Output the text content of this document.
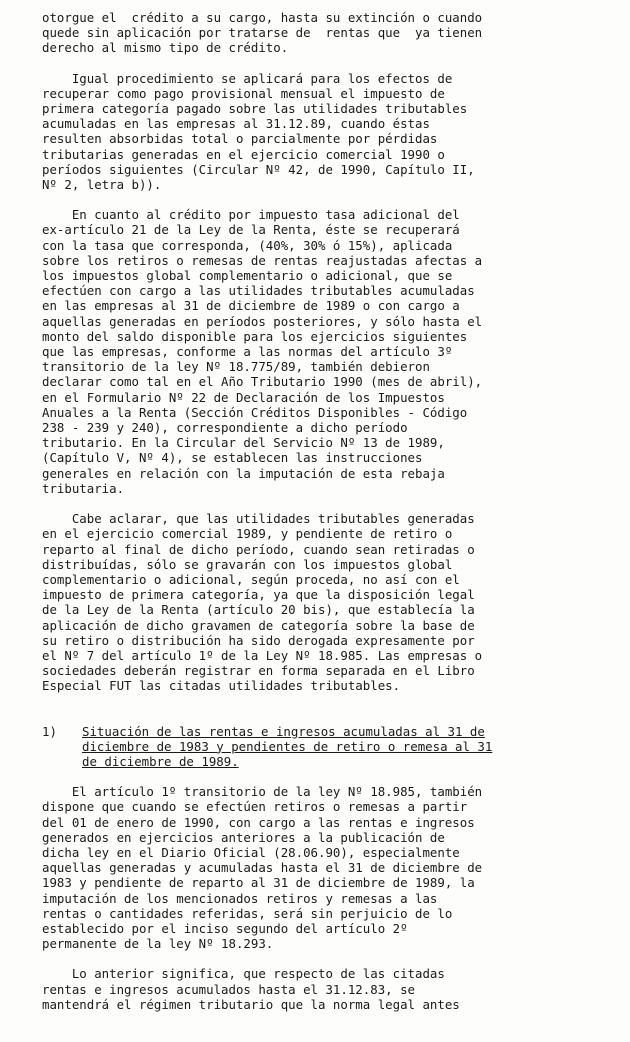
otorgue el  crédito a su cargo, hasta su extinción o cuando
quede sin aplicación por tratarse de  rentas que  ya tienen
derecho al mismo tipo de crédito.
Igual procedimiento se aplicará para los efectos de
recuperar como pago provisional mensual el impuesto de
primera categoría pagado sobre las utilidades tributables
acumuladas en las empresas al 31.12.89, cuando éstas
resulten absorbidas total o parcialmente por pérdidas
tributarias generadas en el ejercicio comercial 1990 o
períodos siguientes (Circular Nº 42, de 1990, Capítulo II,
Nº 2, letra b)).
En cuanto al crédito por impuesto tasa adicional del
ex-artículo 21 de la Ley de la Renta, éste se recuperará
con la tasa que corresponda, (40%, 30% ó 15%), aplicada
sobre los retiros o remesas de rentas reajustadas afectas a
los impuestos global complementario o adicional, que se
efectúen con cargo a las utilidades tributables acumuladas
en las empresas al 31 de diciembre de 1989 o con cargo a
aquellas generadas en períodos posteriores, y sólo hasta el
monto del saldo disponible para los ejercicios siguientes
que las empresas, conforme a las normas del artículo 3º
transitorio de la ley Nº 18.775/89, también debieron
declarar como tal en el Año Tributario 1990 (mes de abril),
en el Formulario Nº 22 de Declaración de los Impuestos
Anuales a la Renta (Sección Créditos Disponibles - Código
238 - 239 y 240), correspondiente a dicho período
tributario. En la Circular del Servicio Nº 13 de 1989,
(Capítulo V, Nº 4), se establecen las instrucciones
generales en relación con la imputación de esta rebaja
tributaria.
Cabe aclarar, que las utilidades tributables generadas
en el ejercicio comercial 1989, y pendiente de retiro o
reparto al final de dicho período, cuando sean retiradas o
distribuídas, sólo se gravarán con los impuestos global
complementario o adicional, según proceda, no así con el
impuesto de primera categoría, ya que la disposición legal
de la Ley de la Renta (artículo 20 bis), que establecía la
aplicación de dicho gravamen de categoría sobre la base de
su retiro o distribución ha sido derogada expresamente por
el Nº 7 del artículo 1º de la Ley Nº 18.985. Las empresas o
sociedades deberán registrar en forma separada en el Libro
Especial FUT las citadas utilidades tributables.
1)	Situación de las rentas e ingresos acumuladas al 31 de
diciembre de 1983 y pendientes de retiro o remesa al 31
de diciembre de 1989.
El artículo 1º transitorio de la ley Nº 18.985, también
dispone que cuando se efectúen retiros o remesas a partir
del 01 de enero de 1990, con cargo a las rentas e ingresos
generados en ejercicios anteriores a la publicación de
dicha ley en el Diario Oficial (28.06.90), especialmente
aquellas generadas y acumuladas hasta el 31 de diciembre de
1983 y pendiente de reparto al 31 de diciembre de 1989, la
imputación de los mencionados retiros y remesas a las
rentas o cantidades referidas, será sin perjuicio de lo
establecido por el inciso segundo del artículo 2º
permanente de la ley Nº 18.293.
Lo anterior significa, que respecto de las citadas
rentas e ingresos acumulados hasta el 31.12.83, se
mantendrá el régimen tributario que la norma legal antes
